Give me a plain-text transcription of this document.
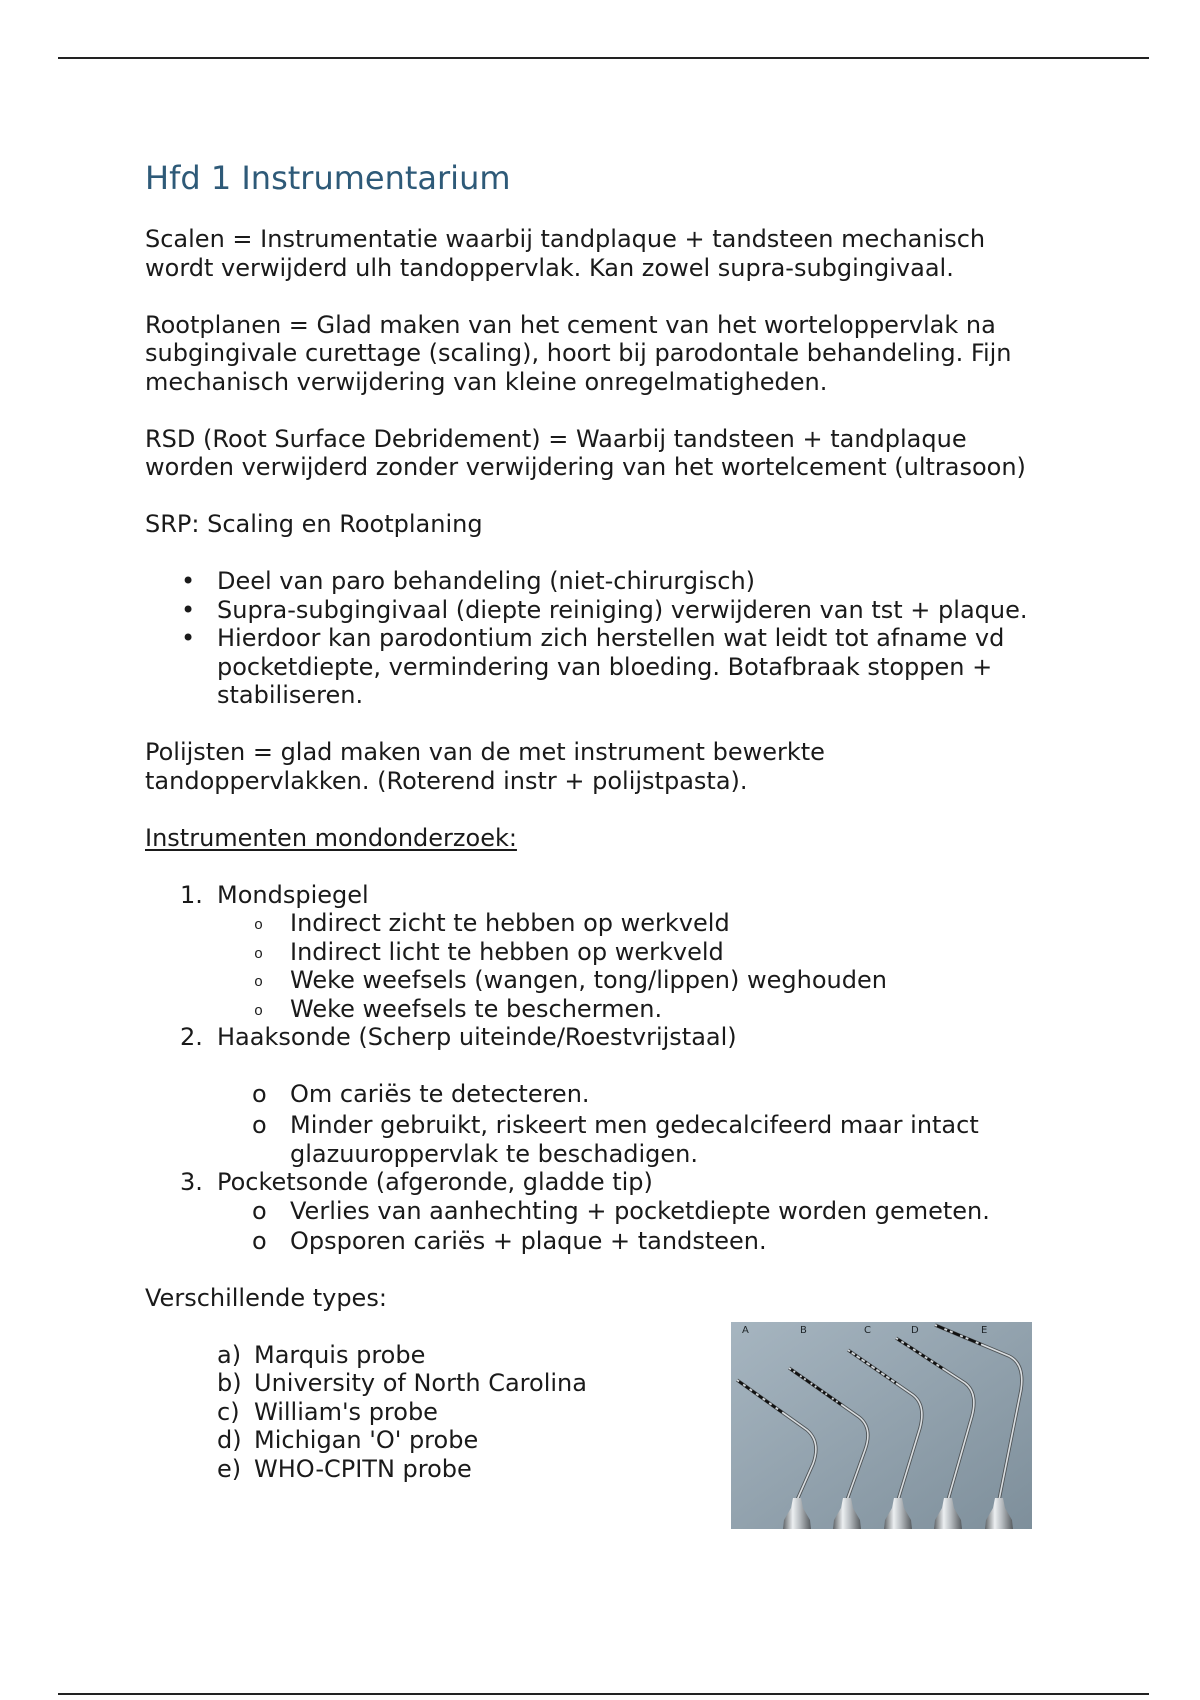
Hfd 1 Instrumentarium
Scalen = Instrumentatie waarbij tandplaque + tandsteen mechanisch
wordt verwijderd ulh tandoppervlak. Kan zowel supra-subgingivaal.
Rootplanen = Glad maken van het cement van het worteloppervlak na
subgingivale curettage (scaling), hoort bij parodontale behandeling. Fijn
mechanisch verwijdering van kleine onregelmatigheden.
RSD (Root Surface Debridement) = Waarbij tandsteen + tandplaque
worden verwijderd zonder verwijdering van het wortelcement (ultrasoon)
SRP: Scaling en Rootplaning
• Deel van paro behandeling (niet-chirurgisch)
• Supra-subgingivaal (diepte reiniging) verwijderen van tst + plaque.
• Hierdoor kan parodontium zich herstellen wat leidt tot afname vd
pocketdiepte, vermindering van bloeding. Botafbraak stoppen +
stabiliseren.
Polijsten = glad maken van de met instrument bewerkte
tandoppervlakken. (Roterend instr + polijstpasta).
Instrumenten mondonderzoek:
1. Mondspiegel
o Indirect zicht te hebben op werkveld
o Indirect licht te hebben op werkveld
o Weke weefsels (wangen, tong/lippen) weghouden
o Weke weefsels te beschermen.
2. Haaksonde (Scherp uiteinde/Roestvrijstaal)
o Om cariës te detecteren.
o Minder gebruikt, riskeert men gedecalcifeerd maar intact
glazuuroppervlak te beschadigen.
3. Pocketsonde (afgeronde, gladde tip)
o Verlies van aanhechting + pocketdiepte worden gemeten.
o Opsporen cariës + plaque + tandsteen.
Verschillende types:
a) Marquis probe
b) University of North Carolina
c) William's probe
d) Michigan 'O' probe
e) WHO-CPITN probe
A	B	C	D	E
